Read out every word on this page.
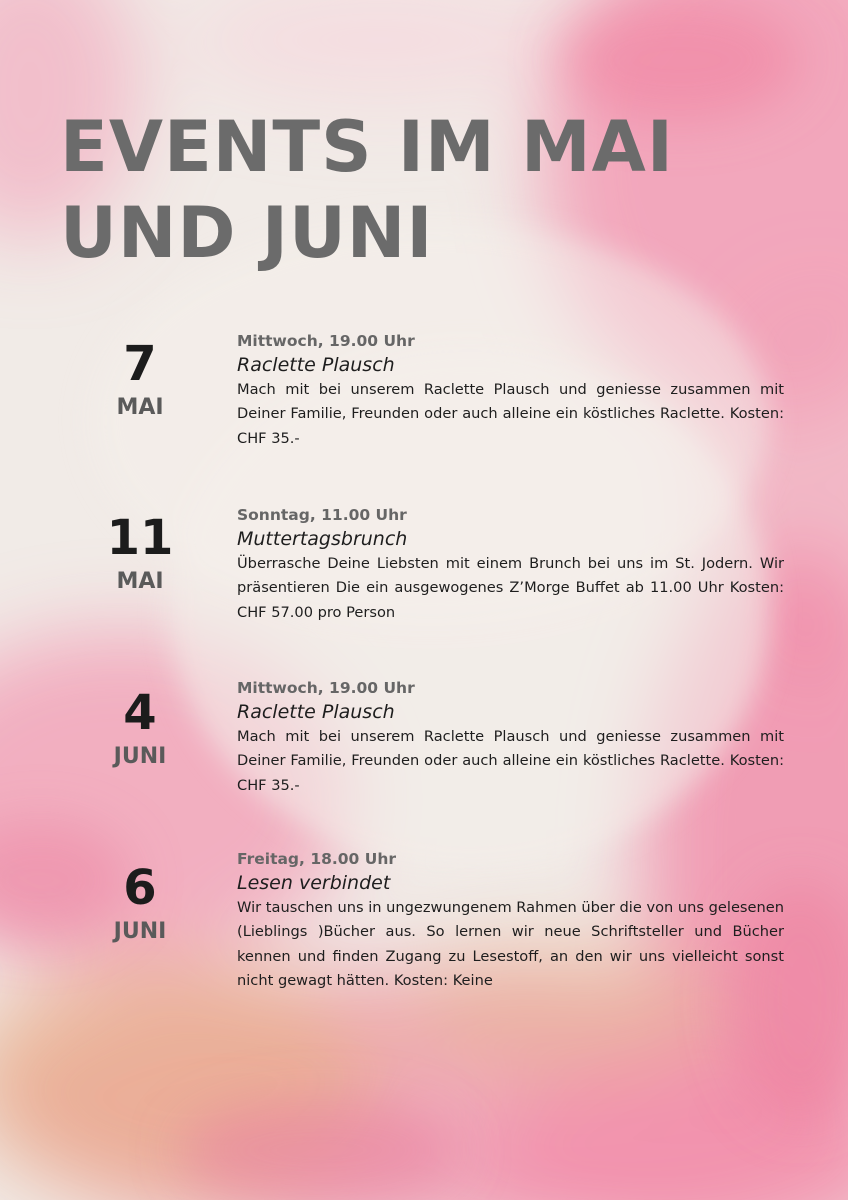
EVENTS IM MAI UND JUNI
7
MAI
Mittwoch, 19.00 Uhr
Raclette Plausch

Mach mit bei unserem Raclette Plausch und geniesse zusammen mit Deiner Familie, Freunden oder auch alleine ein köstliches Raclette. Kosten: CHF 35.-

11
MAI
Sonntag, 11.00 Uhr
Muttertagsbrunch

Überrasche Deine Liebsten mit einem Brunch bei uns im St. Jodern. Wir präsentieren Die ein ausgewogenes Z’Morge Buffet ab 11.00 Uhr Kosten: CHF 57.00 pro Person

4
JUNI
Mittwoch, 19.00 Uhr
Raclette Plausch

Mach mit bei unserem Raclette Plausch und geniesse zusammen mit Deiner Familie, Freunden oder auch alleine ein köstliches Raclette. Kosten: CHF 35.-

6
JUNI
Freitag, 18.00 Uhr
Lesen verbindet

Wir tauschen uns in ungezwungenem Rahmen über die von uns gelesenen (Lieblings )Bücher aus. So lernen wir neue Schriftsteller und Bücher kennen und finden Zugang zu Lesestoff, an den wir uns vielleicht sonst nicht gewagt hätten. Kosten: Keine
